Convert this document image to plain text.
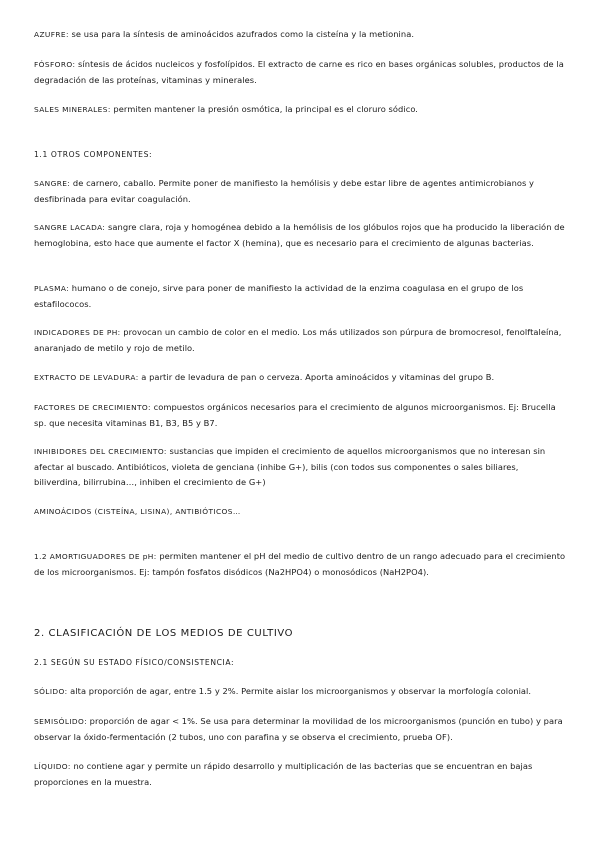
AZUFRE: se usa para la síntesis de aminoácidos azufrados como la cisteína y la metionina.

FÓSFORO: síntesis de ácidos nucleicos y fosfolípidos. El extracto de carne es rico en bases orgánicas solubles, productos de la degradación de las proteínas, vitaminas y minerales.

SALES MINERALES: permiten mantener la presión osmótica, la principal es el cloruro sódico.

1.1 OTROS COMPONENTES:

SANGRE: de carnero, caballo. Permite poner de manifiesto la hemólisis y debe estar libre de agentes antimicrobianos y desfibrinada para evitar coagulación.

SANGRE LACADA: sangre clara, roja y homogénea debido a la hemólisis de los glóbulos rojos que ha producido la liberación de hemoglobina, esto hace que aumente el factor X (hemina), que es necesario para el crecimiento de algunas bacterias.

PLASMA: humano o de conejo, sirve para poner de manifiesto la actividad de la enzima coagulasa en el grupo de los estafilococos.

INDICADORES DE PH: provocan un cambio de color en el medio. Los más utilizados son púrpura de bromocresol, fenolftaleína, anaranjado de metilo y rojo de metilo.

EXTRACTO DE LEVADURA: a partir de levadura de pan o cerveza. Aporta aminoácidos y vitaminas del grupo B.

FACTORES DE CRECIMIENTO: compuestos orgánicos necesarios para el crecimiento de algunos microorganismos. Ej: Brucella sp. que necesita vitaminas B1, B3, B5 y B7.

INHIBIDORES DEL CRECIMIENTO: sustancias que impiden el crecimiento de aquellos microorganismos que no interesan sin afectar al buscado. Antibióticos, violeta de genciana (inhibe G+), bilis (con todos sus componentes o sales biliares, biliverdina, bilirrubina…, inhiben el crecimiento de G+)

AMINOÁCIDOS (CISTEÍNA, LISINA), ANTIBIÓTICOS…

1.2 AMORTIGUADORES DE pH: permiten mantener el pH del medio de cultivo dentro de un rango adecuado para el crecimiento de los microorganismos. Ej: tampón fosfatos disódicos (Na2HPO4) o monosódicos (NaH2PO4).

2. CLASIFICACIÓN DE LOS MEDIOS DE CULTIVO

2.1 SEGÚN SU ESTADO FÍSICO/CONSISTENCIA:

SÓLIDO: alta proporción de agar, entre 1.5 y 2%. Permite aislar los microorganismos y observar la morfología colonial.

SEMISÓLIDO: proporción de agar < 1%. Se usa para determinar la movilidad de los microorganismos (punción en tubo) y para observar la óxido-fermentación (2 tubos, uno con parafina y se observa el crecimiento, prueba OF).

LÍQUIDO: no contiene agar y permite un rápido desarrollo y multiplicación de las bacterias que se encuentran en bajas proporciones en la muestra.
